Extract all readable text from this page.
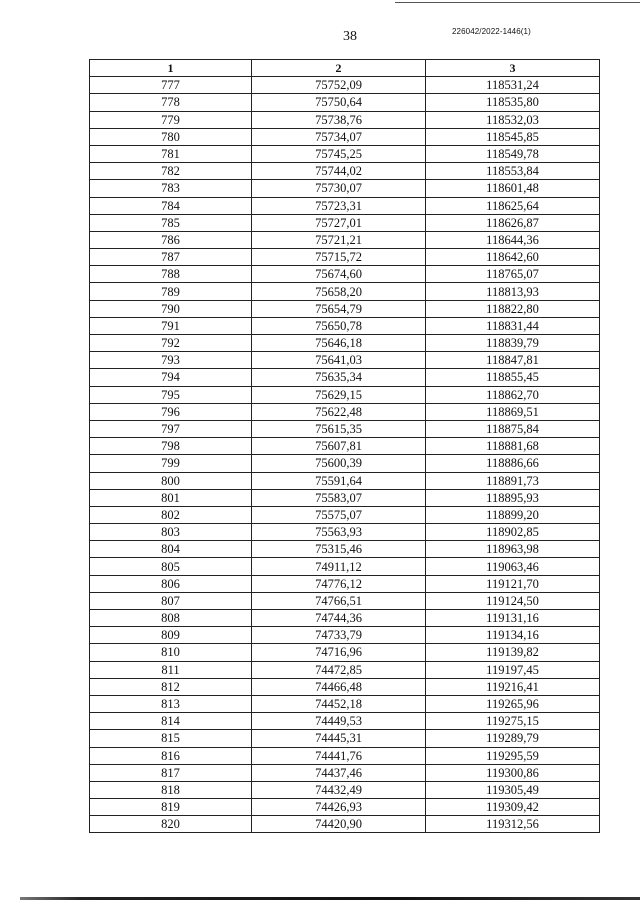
38	226042/2022-1446(1)
1	2	3
777	75752,09	118531,24
778	75750,64	118535,80
779	75738,76	118532,03
780	75734,07	118545,85
781	75745,25	118549,78
782	75744,02	118553,84
783	75730,07	118601,48
784	75723,31	118625,64
785	75727,01	118626,87
786	75721,21	118644,36
787	75715,72	118642,60
788	75674,60	118765,07
789	75658,20	118813,93
790	75654,79	118822,80
791	75650,78	118831,44
792	75646,18	118839,79
793	75641,03	118847,81
794	75635,34	118855,45
795	75629,15	118862,70
796	75622,48	118869,51
797	75615,35	118875,84
798	75607,81	118881,68
799	75600,39	118886,66
800	75591,64	118891,73
801	75583,07	118895,93
802	75575,07	118899,20
803	75563,93	118902,85
804	75315,46	118963,98
805	74911,12	119063,46
806	74776,12	119121,70
807	74766,51	119124,50
808	74744,36	119131,16
809	74733,79	119134,16
810	74716,96	119139,82
811	74472,85	119197,45
812	74466,48	119216,41
813	74452,18	119265,96
814	74449,53	119275,15
815	74445,31	119289,79
816	74441,76	119295,59
817	74437,46	119300,86
818	74432,49	119305,49
819	74426,93	119309,42
820	74420,90	119312,56
